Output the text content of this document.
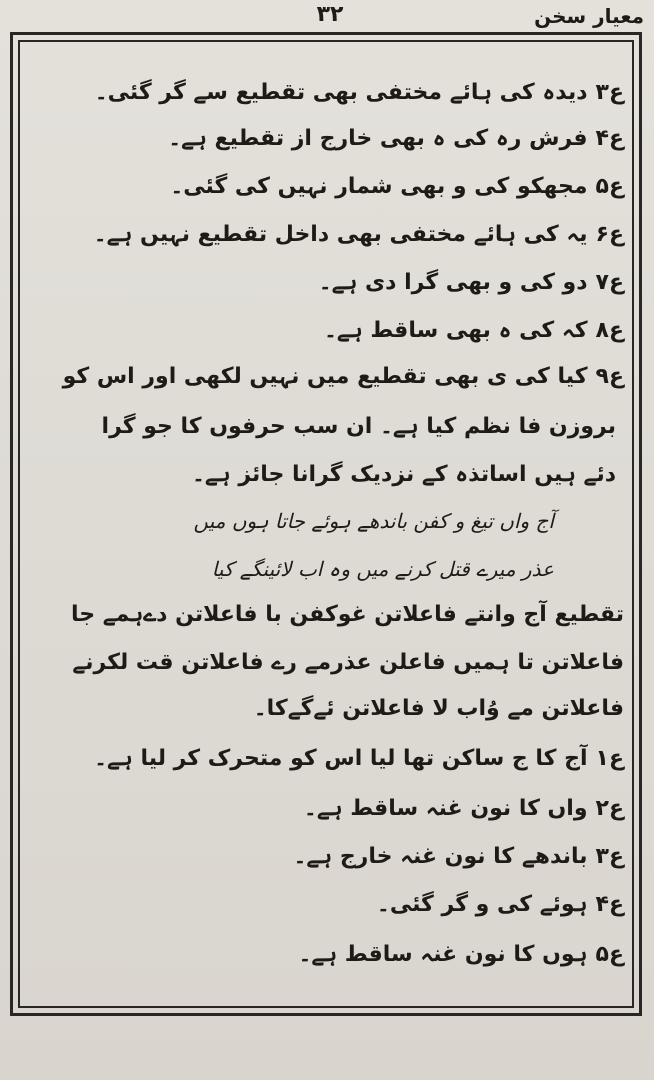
۳۲	معیار سخن
ع۳دیدہ کی ہائے مختفی بھی تقطیع سے گر گئی۔
ع۴فرش رہ کی ہ بھی خارج از تقطیع ہے۔
ع۵مجھکو کی و بھی شمار نہیں کی گئی۔
ع۶یہ کی ہائے مختفی بھی داخل تقطیع نہیں ہے۔
ع۷دو کی و بھی گرا دی ہے۔
ع۸کہ کی ہ بھی ساقط ہے۔
ع۹کیا کی ی بھی تقطیع میں نہیں لکھی اور اس کو
بروزن فا نظم کیا ہے۔ ان سب حرفوں کا جو گرا
دئے ہیں اساتذہ کے نزدیک گرانا جائز ہے۔
آج واں تیغ و کفن باندھے ہوئے جاتا ہوں میں
عذر میرے قتل کرنے میں وہ اب لائینگے کیا
تقطیع آج وانتے فاعلاتن غوکفن با فاعلاتن دےہمے جا
فاعلاتن تا ہمیں فاعلن عذرمے رے فاعلاتن قت لکرنے
فاعلاتن مے وُاب لا فاعلاتن ئےگےکا۔
ع۱آج کا ج ساکن تھا لیا اس کو متحرک کر لیا ہے۔
ع۲واں کا نون غنہ ساقط ہے۔
ع۳باندھے کا نون غنہ خارج ہے۔
ع۴ہوئے کی و گر گئی۔
ع۵ہوں کا نون غنہ ساقط ہے۔
